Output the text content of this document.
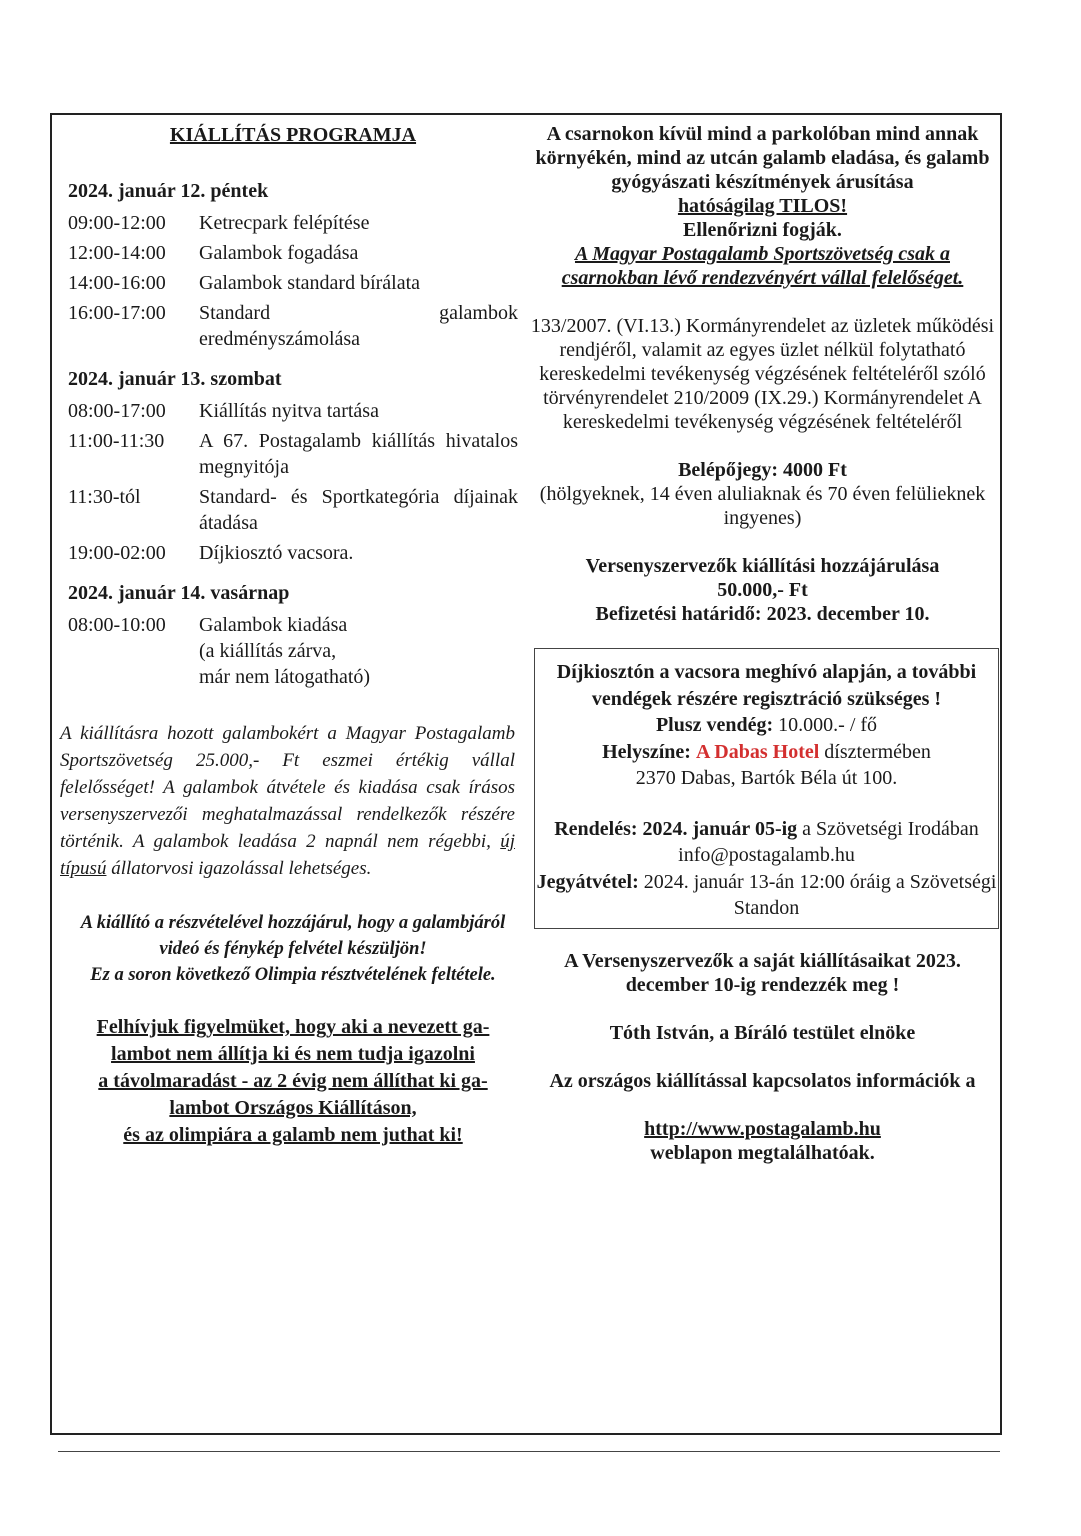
KIÁLLÍTÁS PROGRAMJA

2024. január 12. péntek

09:00-12:00	Ketrecpark felépítése
12:00-14:00	Galambok fogadása
14:00-16:00	Galambok standard bírálata
16:00-17:00	Standard galambok eredményszámolása

2024. január 13. szombat

08:00-17:00	Kiállítás nyitva tartása
11:00-11:30	A 67. Postagalamb kiállítás hivatalos megnyitója
11:30-tól	Standard- és Sportkategória díjainak átadása
19:00-02:00	Díjkiosztó vacsora.

2024. január 14. vasárnap

08:00-10:00	Galambok kiadása
(a kiállítás zárva,
már nem látogatható)

A kiállításra hozott galambokért a Magyar Postagalamb Sportszövetség 25.000,- Ft eszmei értékig vállal felelősséget! A galambok átvétele és kiadása csak írásos versenyszervezői meghatalmazással rendelkezők részére történik. A galambok leadása 2 napnál nem régebbi, új típusú állatorvosi igazolással lehetséges.

A kiállító a részvételével hozzájárul, hogy a galambjáról videó és fénykép felvétel készüljön!

Ez a soron következő Olimpia résztvételének feltétele.

Felhívjuk figyelmüket, hogy aki a nevezett ga-

lambot nem állítja ki és nem tudja igazolni

a távolmaradást - az 2 évig nem állíthat ki ga-

lambot Országos Kiállításon,

és az olimpiára a galamb nem juthat ki!

A csarnokon kívül mind a parkolóban mind annak környékén, mind az utcán galamb eladása, és galamb gyógyászati készítmények árusítása
hatóságilag TILOS!

Ellenőrizni fogják.

A Magyar Postagalamb Sportszövetség csak a csarnokban lévő rendezvényért vállal felelőséget.

133/2007. (VI.13.) Kormányrendelet az üzletek működési rendjéről, valamit az egyes üzlet nélkül folytatható kereskedelmi tevékenység végzésének feltételéről szóló törvényrendelet 210/2009 (IX.29.) Kormányrendelet A kereskedelmi tevékenység végzésének feltételéről

Belépőjegy: 4000 Ft

(hölgyeknek, 14 éven aluliaknak és 70 éven felülieknek ingyenes)

Versenyszervezők kiállítási hozzájárulása

50.000,- Ft

Befizetési határidő: 2023. december 10.

Díjkiosztón a vacsora meghívó alapján, a további vendégek részére regisztráció szükséges !

Plusz vendég: 10.000.- / fő

Helyszíne: A Dabas Hotel dísztermében

2370 Dabas, Bartók Béla út 100.

Rendelés: 2024. január 05-ig a Szövetségi Irodában

info@postagalamb.hu

Jegyátvétel: 2024. január 13-án 12:00 óráig a Szövetségi Standon

A Versenyszervezők a saját kiállításaikat 2023. december 10-ig rendezzék meg !

Tóth István, a Bíráló testület elnöke

Az országos kiállítással kapcsolatos információk a

http://www.postagalamb.hu

weblapon megtalálhatóak.
